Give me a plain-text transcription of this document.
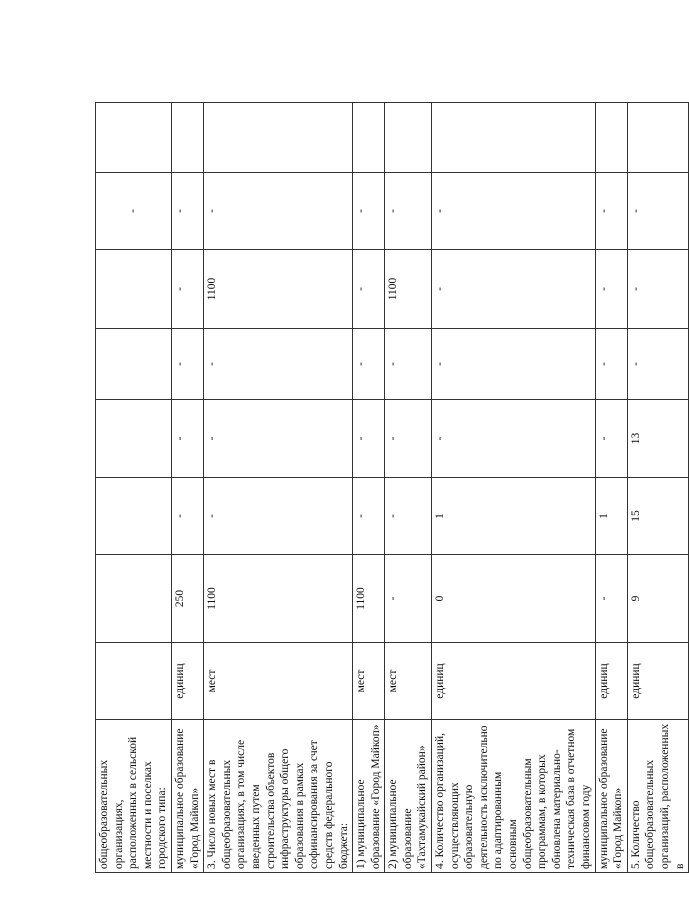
общеобразовательных организациях, расположенных в сельской местности и поселках городского типа:							-	
муниципальное образование «Город Майкоп»	единиц	250	-	-	-	-	-	
3. Число новых мест в общеобразовательных организациях, в том числе введенных путем строительства объектов инфраструктуры общего образования в рамках софинансирования за счет средств федерального бюджета:	мест	1100	-	-	-	1100	-	
1) муниципальное образование «Город Майкоп»	мест	1100	-	-	-	-	-	
2) муниципальное образование «Тахтамукайский район»	мест	-	-	-	-	1100	-	
4. Количество организаций, осуществляющих образовательную деятельность исключительно по адаптированным основным общеобразовательным программам, в которых обновлена материально-техническая база в отчетном финансовом году	единиц	0	1	-	-	-	-	
муниципальное образование «Город Майкоп»	единиц	-	1	-	-	-	-	
5. Количество общеобразовательных организаций, расположенных в	единиц	9	15	13	-	-	-	
